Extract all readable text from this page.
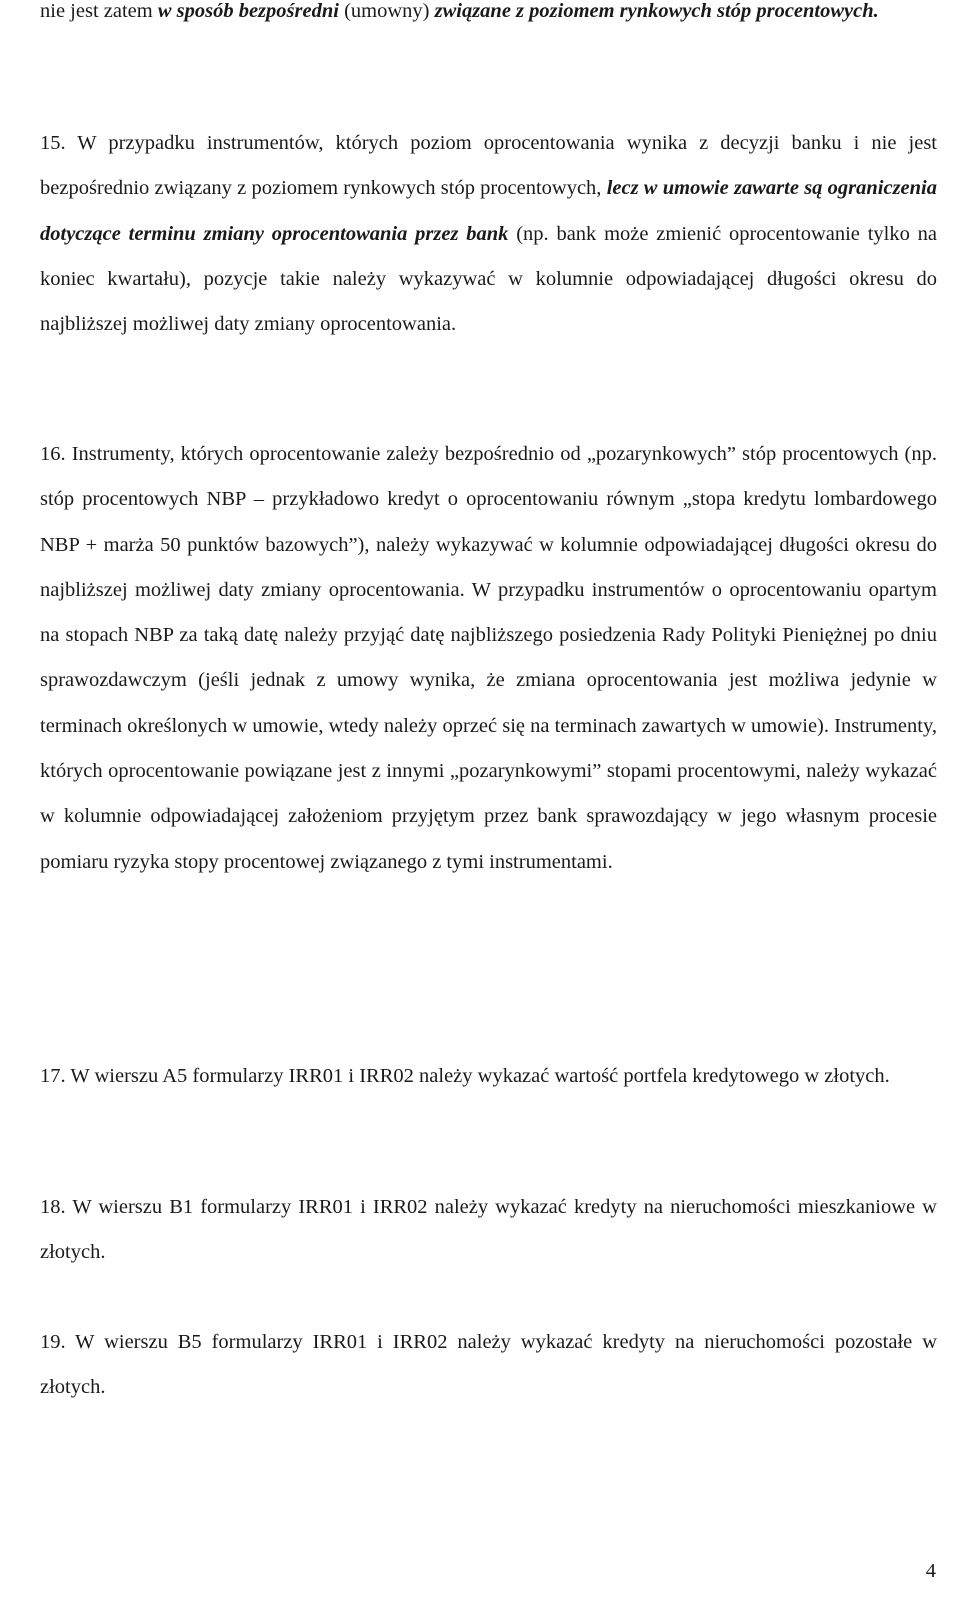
nie jest zatem w sposób bezpośredni (umowny) związane z poziomem rynkowych stóp procentowych.

15. W przypadku instrumentów, których poziom oprocentowania wynika z decyzji banku i nie jest bezpośrednio związany z poziomem rynkowych stóp procentowych, lecz w umowie zawarte są ograniczenia dotyczące terminu zmiany oprocentowania przez bank (np. bank może zmienić oprocentowanie tylko na koniec kwartału), pozycje takie należy wykazywać w kolumnie odpowiadającej długości okresu do najbliższej możliwej daty zmiany oprocentowania.

16. Instrumenty, których oprocentowanie zależy bezpośrednio od „pozarynkowych” stóp procentowych (np. stóp procentowych NBP – przykładowo kredyt o oprocentowaniu równym „stopa kredytu lombardowego NBP + marża 50 punktów bazowych”), należy wykazywać w kolumnie odpowiadającej długości okresu do najbliższej możliwej daty zmiany oprocentowania. W przypadku instrumentów o oprocentowaniu opartym na stopach NBP za taką datę należy przyjąć datę najbliższego posiedzenia Rady Polityki Pieniężnej po dniu sprawozdawczym (jeśli jednak z umowy wynika, że zmiana oprocentowania jest możliwa jedynie w terminach określonych w umowie, wtedy należy oprzeć się na terminach zawartych w umowie). Instrumenty, których oprocentowanie powiązane jest z innymi „pozarynkowymi” stopami procentowymi, należy wykazać w kolumnie odpowiadającej założeniom przyjętym przez bank sprawozdający w jego własnym procesie pomiaru ryzyka stopy procentowej związanego z tymi instrumentami.

17. W wierszu A5 formularzy IRR01 i IRR02 należy wykazać wartość portfela kredytowego w złotych.

18. W wierszu B1 formularzy IRR01 i IRR02 należy wykazać kredyty na nieruchomości mieszkaniowe w złotych.

19. W wierszu B5 formularzy IRR01 i IRR02 należy wykazać kredyty na nieruchomości pozostałe w złotych.

4
